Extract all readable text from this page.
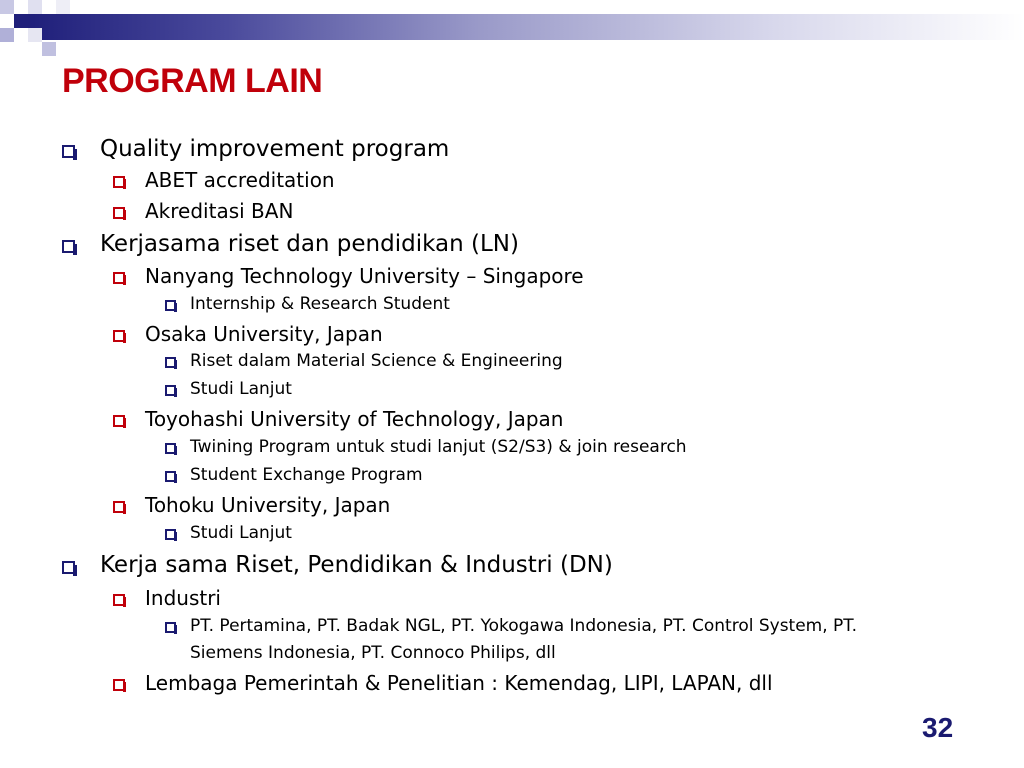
PROGRAM LAIN
Quality improvement program
ABET accreditation
Akreditasi BAN
Kerjasama riset dan pendidikan (LN)
Nanyang Technology University – Singapore
Internship & Research Student
Osaka University, Japan
Riset dalam Material Science & Engineering
Studi Lanjut
Toyohashi University of Technology, Japan
Twining Program untuk studi lanjut (S2/S3) & join research
Student Exchange Program
Tohoku University, Japan
Studi Lanjut
Kerja sama Riset, Pendidikan & Industri (DN)
Industri
PT. Pertamina, PT. Badak NGL, PT. Yokogawa Indonesia, PT. Control System, PT.
Siemens Indonesia, PT. Connoco Philips, dll
Lembaga Pemerintah & Penelitian : Kemendag, LIPI, LAPAN, dll
32
